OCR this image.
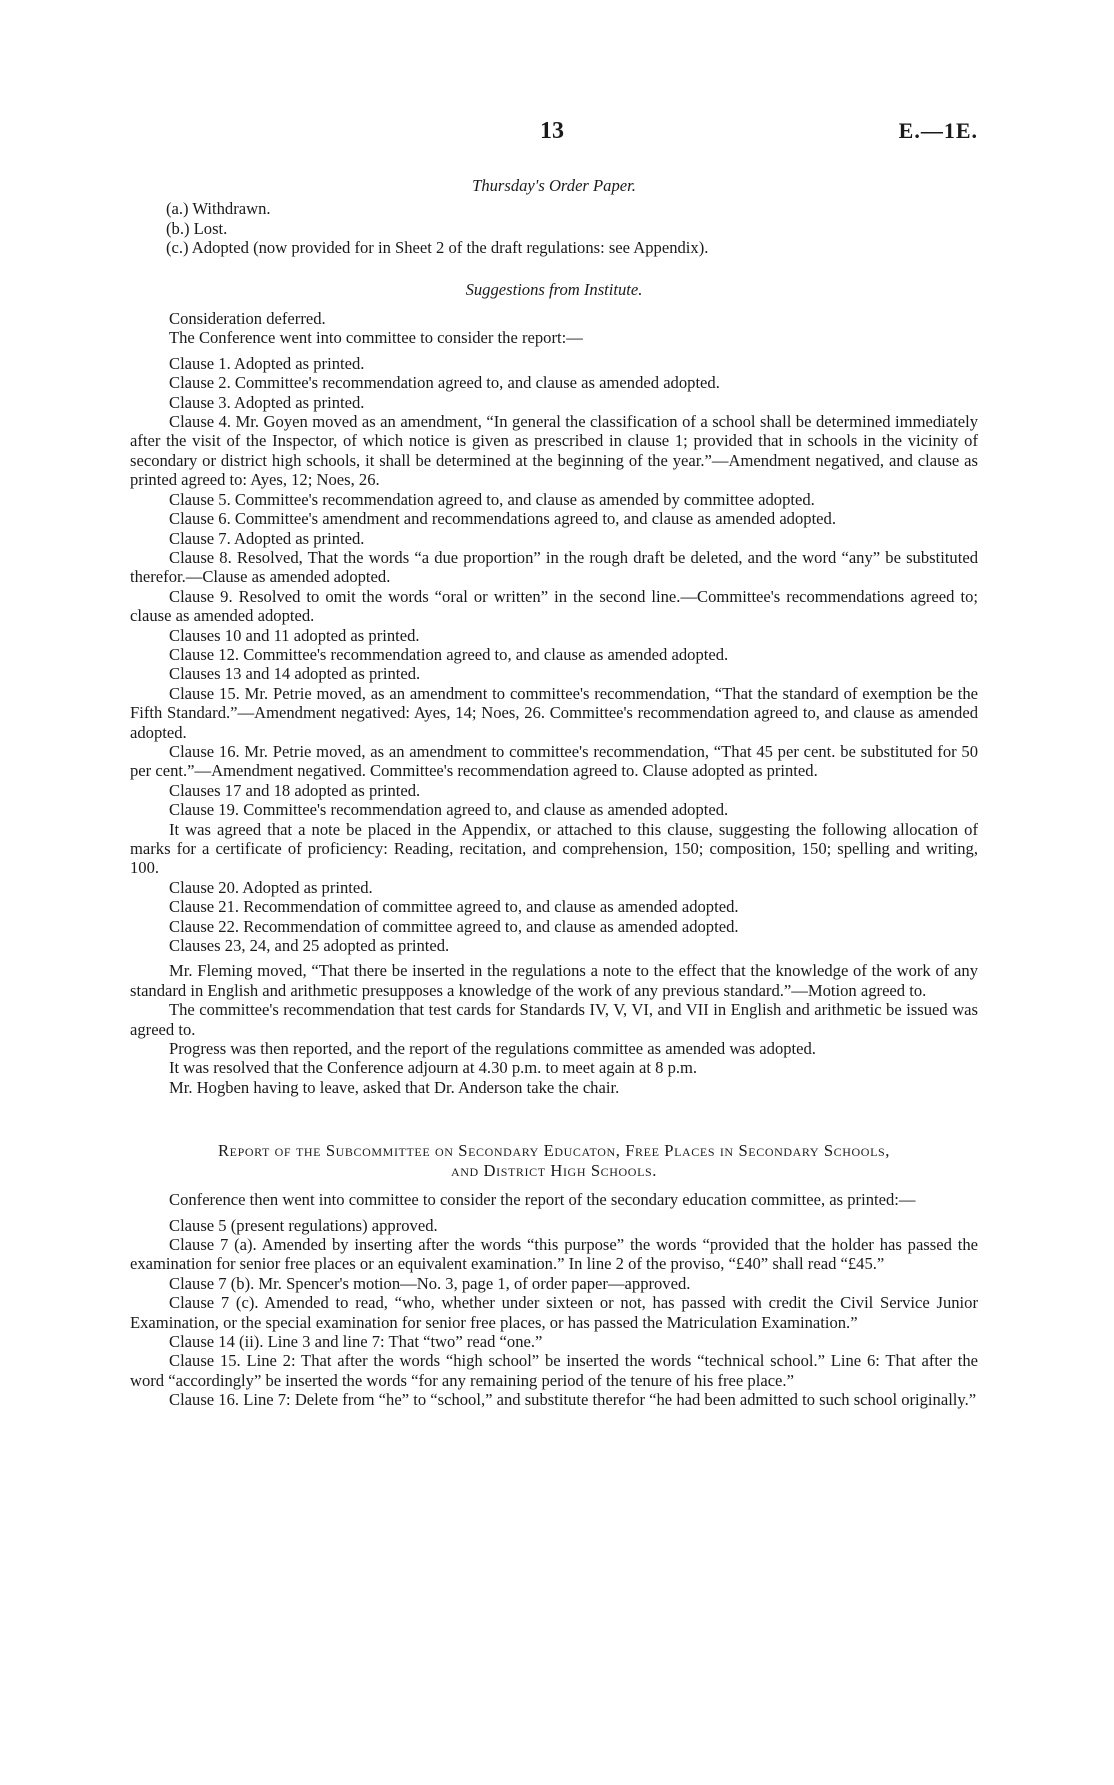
13	E.—1E.
Thursday's Order Paper.
(a.) Withdrawn.
(b.) Lost.
(c.) Adopted (now provided for in Sheet 2 of the draft regulations: see Appendix).
Suggestions from Institute.

Consideration deferred.

The Conference went into committee to consider the report:—

Clause 1. Adopted as printed.

Clause 2. Committee's recommendation agreed to, and clause as amended adopted.

Clause 3. Adopted as printed.

Clause 4. Mr. Goyen moved as an amendment, “In general the classification of a school shall be determined immediately after the visit of the Inspector, of which notice is given as prescribed in clause 1; provided that in schools in the vicinity of secondary or district high schools, it shall be determined at the beginning of the year.”—Amendment negatived, and clause as printed agreed to: Ayes, 12; Noes, 26.

Clause 5. Committee's recommendation agreed to, and clause as amended by committee adopted.

Clause 6. Committee's amendment and recommendations agreed to, and clause as amended adopted.

Clause 7. Adopted as printed.

Clause 8. Resolved, That the words “a due proportion” in the rough draft be deleted, and the word “any” be substituted therefor.—Clause as amended adopted.

Clause 9. Resolved to omit the words “oral or written” in the second line.—Committee's recommendations agreed to; clause as amended adopted.

Clauses 10 and 11 adopted as printed.

Clause 12. Committee's recommendation agreed to, and clause as amended adopted.

Clauses 13 and 14 adopted as printed.

Clause 15. Mr. Petrie moved, as an amendment to committee's recommendation, “That the standard of exemption be the Fifth Standard.”—Amendment negatived: Ayes, 14; Noes, 26. Committee's recommendation agreed to, and clause as amended adopted.

Clause 16. Mr. Petrie moved, as an amendment to committee's recommendation, “That 45 per cent. be substituted for 50 per cent.”—Amendment negatived. Committee's recommendation agreed to. Clause adopted as printed.

Clauses 17 and 18 adopted as printed.

Clause 19. Committee's recommendation agreed to, and clause as amended adopted.

It was agreed that a note be placed in the Appendix, or attached to this clause, suggesting the following allocation of marks for a certificate of proficiency: Reading, recitation, and comprehension, 150; composition, 150; spelling and writing, 100.

Clause 20. Adopted as printed.

Clause 21. Recommendation of committee agreed to, and clause as amended adopted.

Clause 22. Recommendation of committee agreed to, and clause as amended adopted.

Clauses 23, 24, and 25 adopted as printed.

Mr. Fleming moved, “That there be inserted in the regulations a note to the effect that the knowledge of the work of any standard in English and arithmetic presupposes a knowledge of the work of any previous standard.”—Motion agreed to.

The committee's recommendation that test cards for Standards IV, V, VI, and VII in English and arithmetic be issued was agreed to.

Progress was then reported, and the report of the regulations committee as amended was adopted.

It was resolved that the Conference adjourn at 4.30 p.m. to meet again at 8 p.m.

Mr. Hogben having to leave, asked that Dr. Anderson take the chair.

Report of the Subcommittee on Secondary Educaton, Free Places in Secondary Schools,

and District High Schools.

Conference then went into committee to consider the report of the secondary education committee, as printed:—

Clause 5 (present regulations) approved.

Clause 7 (a). Amended by inserting after the words “this purpose” the words “provided that the holder has passed the examination for senior free places or an equivalent examination.” In line 2 of the proviso, “£40” shall read “£45.”

Clause 7 (b). Mr. Spencer's motion—No. 3, page 1, of order paper—approved.

Clause 7 (c). Amended to read, “who, whether under sixteen or not, has passed with credit the Civil Service Junior Examination, or the special examination for senior free places, or has passed the Matriculation Examination.”

Clause 14 (ii). Line 3 and line 7: That “two” read “one.”

Clause 15. Line 2: That after the words “high school” be inserted the words “technical school.” Line 6: That after the word “accordingly” be inserted the words “for any remaining period of the tenure of his free place.”

Clause 16. Line 7: Delete from “he” to “school,” and substitute therefor “he had been admitted to such school originally.”
